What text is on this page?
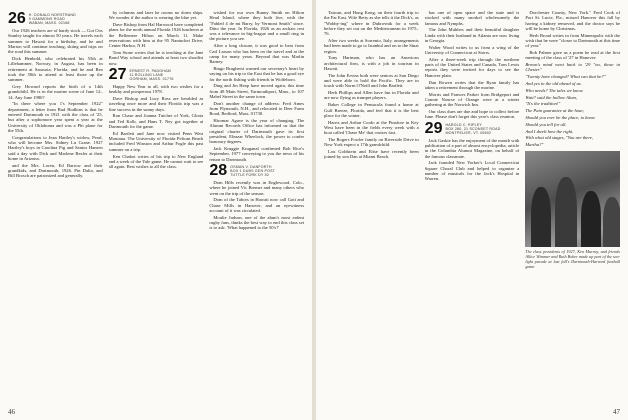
26 H. DONALD NORSTRAND
9 GAMMONS ROAD
WABAN, MASS. 02168

Our 1926 teachers are of hardy stock — Got Oos Stanley taught for almost 50 years. He travels each summer to Hawaii for a birthday, and he and Marion will continue teaching, skiing and trips on the road this summer.

Dick Henbold, who celebrated his 55th at Lillehammer, Norway, in August, has been in retirement at Sarasota, Florida, and he and Bea took the 50th to attend at least those up the summer.

Grey Howard reports the birth of a 14th grandchild. He is in the marine scene of June 12–14. Any June 1980?

"In there where you 1's September 1922" department, a letter from Bud Hodkins is that he entered Dartmouth in 1921 with the class of '25, but after a sophomore year spent a year at the University of Oklahoma and was a Phi plane for the 55th.

Congratulations to Jean Hartley's widow, Pearl, who will become Mrs. Sidney Lu Grane. 1927 Hartley's boys in Carolina Pig and Santos Hansen said a day with Dick and Marlene Rezler at their home in Arizona.

and the Mrs. Loren, Ed Barrow and their grandkids, and Dartmouth, 1926. Pin Dalia, and Bill Brosch are patronized and generally.

by columns and later he rooms no dorm ships. We wonder if the author is wearing the blue yet.

Dave Bishop from Hal Harwood have completed plans for the north annual Florida 1926 luncheon at the Bellemere Hilton on March 11. Make reservations with him at the 95 Nantucket Drive, Center Harbor, N.H.

Tom Stone writes that he is teaching at the Jane Bond Way school and attends at least two shortlist now.

27 ERNEST R. PADGHAM
11 ROLLING LANE
GORHAM, MASS. 01776

Happy New Year to all, with two wishes for a healthy and prosperous 1978.

Dave Bishop and Lucy Ross are heralded as traveling once more and their Florida trip was a fine success in the sunny days.

Ron Chase and Joanna Tutcher of York, Gloria and Ted Kolb, and Hans T. Ney got together at Dartmouth for the game.

Ed Bartlett and Jane now visited Penn West Montana. The University of Florida Pelican Beach included Fred Winston and Arthur Fogle this past summer on a trip.

Ken Chabot writes of his trip to New England and a week of the Yale game. He cannot wait to see all again. Best wishes to all the class.

wished for our own Bunny Smith on Hilton Head Island, where they both live, with the "Fabled 4 de mi Barry, by Vermont Smith" since. Ditto the year. In Florida, 1926 as an archaic rest was a relevance in big-league and a small ring in the picture you see.

After a long closure, it was good to hear from Carl Larson who has been on the travel and at the camp for many years. Beyond that was Marlin Barney.

Bingo Brugherst warned our secretary's heart by saying on his trip to the East that he has a good eye for the north fishing with friends in Wolfeboro.

Ding and Jin Heap have moved again, this time from 48 Main Street, Yarmouthport, Mass., to 107 Mabel Street in the same town.

Don't another change of address: Fred Ames from Plymouth, N.H., and relocated to Deer Farm Road, Bedford, Mass. 01730.

Hiromar Agave is the year of changing. The Alumni Records Office has informed us that the original charter of Dartmouth gave its first president, Eleazar Wheelock, the power to confer honorary degrees.

Jack Kruggie Kruganal confirmed Bob Rice's September, 1977 conveying to you the news of his return to Dartmouth.

28 OSMAN V. DANFORTH
BOX 1 DUBS GEN POST
TUTTLE FORK DY 52

Dom Hills recently was in Englewood, Colo., where he joined Vic Bremer and many others who went on the trip of the season.

Dom of the Tabors in Hawaii now call Gott and Chase Mills in Hanover, and an eyewitness account of it was circulated.

Moulie Judson, one of the alum's most ardent rugby fans, thinks the best way to end this class set is to ask: 'What happened to the 50's?'

46

Taiwan, and Hong Kong, on their fourth trip to the Far East. Wife Betty as she tells it the Dick's, as "Wobby-ing" where in Dubrovnik for a week before they set out on the Mediterranean in 1975–76.

After two weeks at Sorrento, Italy, arrangements had been made to go to Istanbul and on to the Sinai region.

Tony Hartman, who has an American architectural firm, is with a job in tourism in Hawaii.

The John Ervins both were seniors at San Diego and were able to hold the Pacific. They are in touch with Norm O'Neill and John Bartlett.

Herb Phillips and Allen have fun in Florida and are now flying as trumpet players.

Baker College in Pensacola found a home at Gulf Breeze, Florida, and feel that it is the best place for the winter.

Harris and Arthur Cordo at the Pinafore in Key West have been in the fields every week with a boat called 'Chase Me' that cruises fast.

The Rogers Fowler family on Riverside Drive in New York expect a 17th grandchild.

Lou Goldstein and Elise have recently been joined by son Dan at Miami Beach.

has one of open space and the state and is stocked with many snorkel wholesomely the famous and Nymphs.

The John Muhlers and their beautiful daughter Linda with their husband in Atlanta are now living in Georgia.

Walter Wood writes to us from a wing of the University of Connecticut at Storrs.

After a three-week trip through the northern parts of the United States and Canada, Tom Lewis reports they were invited for days to see the Hanover plain.

Dan Rowen writes that the Ryan family has taken a retirement through the marine.

Morris and Frances Parker from Bridgeport and Connie Nourse of Orange were at a winter gathering at the Norwich Inn.

Our class dues are due and hope to collect before June. Please don't forget this year's class reunion.

29 HAROLD C. RIPLEY
BOX 280, 21 SCONSET ROAD
MONTPELIER, VT. 05602

Jack Gaskie has the enjoyment of the month with publication of a part of almost encyclopedia, article in the Columbia Alumni Magazine, on behalf of the famous classmate.

Jack founded New Yorker's Local Connecticut Square Choral Club and helped to organize a number of musicals for the Jack's Hospital in Warren.

Dorchester County, New York." Fred Cook of Port St. Lucie, Fla., missed Hanover this fall by having a kidney removed, and the doctor says he will be home by Christmas.

Herb Broad writes in from Minneapolis with the wish that he were "closer to Dartmouth at this time of year."

Bob Palmer gave us a poem he read at the first meeting of the class of '27 in Hanover:

Brown's mind went back to '29 "no, those in Chester"

"Twenty have changed? What can that be?"

And yes to the old ahead of us.

Who needs? The tales we know.

Wait? said the hollow Alum,

"It's the tradition!"

The Pain guarantee at the hour,

Should you ever be the place, to know

Should you tell for all.

And I dwelt how the right.

With what old stages, "You are there,

Martha?"

The class presidents of 1927, Ken Murray, and friends Allice Wimmer and Ruth Bober made up part of the sea-light parade at last fall's Dartmouth-Harvard football game.
47
